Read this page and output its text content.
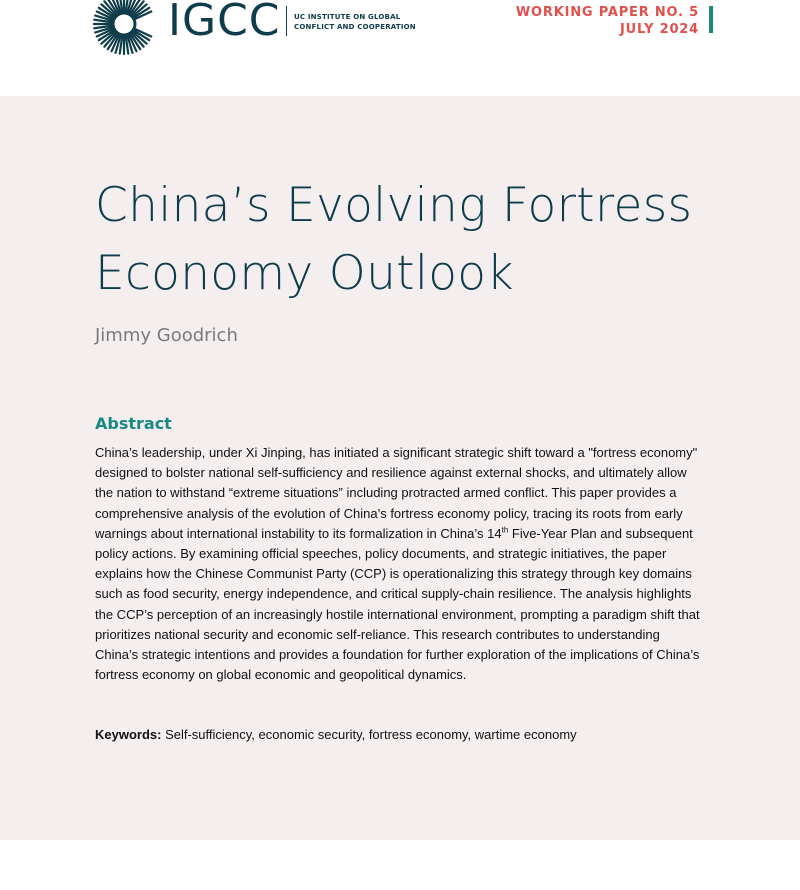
IGCC UC INSTITUTE ON GLOBAL
CONFLICT AND COOPERATION
WORKING PAPER NO. 5
JULY 2024
China’s Evolving Fortress
Economy Outlook
Jimmy Goodrich
Abstract

China’s leadership, under Xi Jinping, has initiated a significant strategic shift toward a "fortress economy" designed to bolster national self-sufficiency and resilience against external shocks, and ultimately allow the nation to withstand “extreme situations” including protracted armed conflict. This paper provides a comprehensive analysis of the evolution of China’s fortress economy policy, tracing its roots from early warnings about international instability to its formalization in China’s 14th Five-Year Plan and subsequent policy actions. By examining official speeches, policy documents, and strategic initiatives, the paper explains how the Chinese Communist Party (CCP) is operationalizing this strategy through key domains such as food security, energy independence, and critical supply-chain resilience. The analysis highlights the CCP’s perception of an increasingly hostile international environment, prompting a paradigm shift that prioritizes national security and economic self-reliance. This research contributes to understanding China’s strategic intentions and provides a foundation for further exploration of the implications of China’s fortress economy on global economic and geopolitical dynamics.

Keywords: Self-sufficiency, economic security, fortress economy, wartime economy
